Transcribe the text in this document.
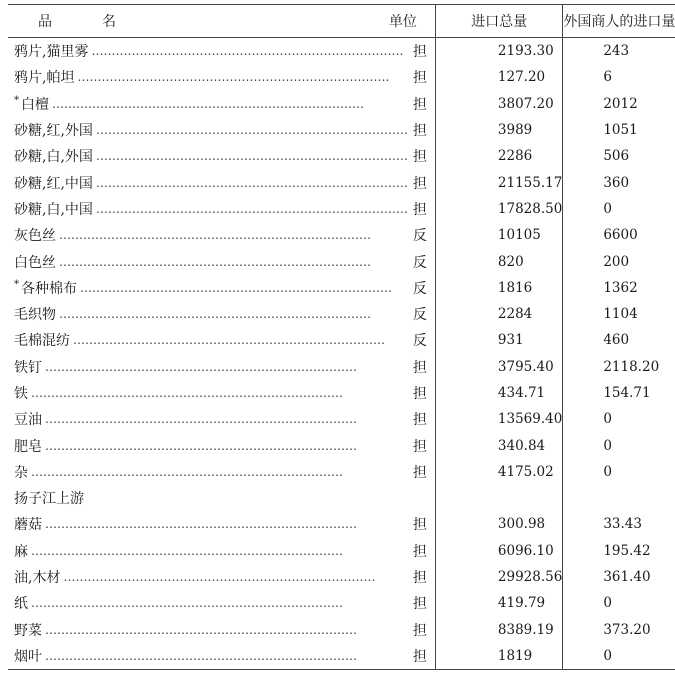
品　名 单位	进口总量	外国商人的进口量

鸦片,猫里雾 …………………………………………………………………… 担	2193.30	243

鸦片,帕坦 …………………………………………………………………… 担	127.20	6

* 白檀 …………………………………………………………………… 担	3807.20	2012

砂糖,红,外国 …………………………………………………………………… 担	3989	1051

砂糖,白,外国 …………………………………………………………………… 担	2286	506

砂糖,红,中国 …………………………………………………………………… 担	21155.17	360

砂糖,白,中国 …………………………………………………………………… 担	17828.50	0

灰色丝 …………………………………………………………………… 反	10105	6600

白色丝 …………………………………………………………………… 反	820	200

* 各种棉布 …………………………………………………………………… 反	1816	1362

毛织物 …………………………………………………………………… 反	2284	1104

毛棉混纺 …………………………………………………………………… 反	931	460

铁钉 …………………………………………………………………… 担	3795.40	2118.20

铁 …………………………………………………………………… 担	434.71	154.71

豆油 …………………………………………………………………… 担	13569.40	0

肥皂 …………………………………………………………………… 担	340.84	0

杂 …………………………………………………………………… 担	4175.02	0
扬子江上游		

蘑菇 …………………………………………………………………… 担	300.98	33.43

麻 …………………………………………………………………… 担	6096.10	195.42

油,木材 …………………………………………………………………… 担	29928.56	361.40

纸 …………………………………………………………………… 担	419.79	0

野菜 …………………………………………………………………… 担	8389.19	373.20

烟叶 …………………………………………………………………… 担	1819	0
